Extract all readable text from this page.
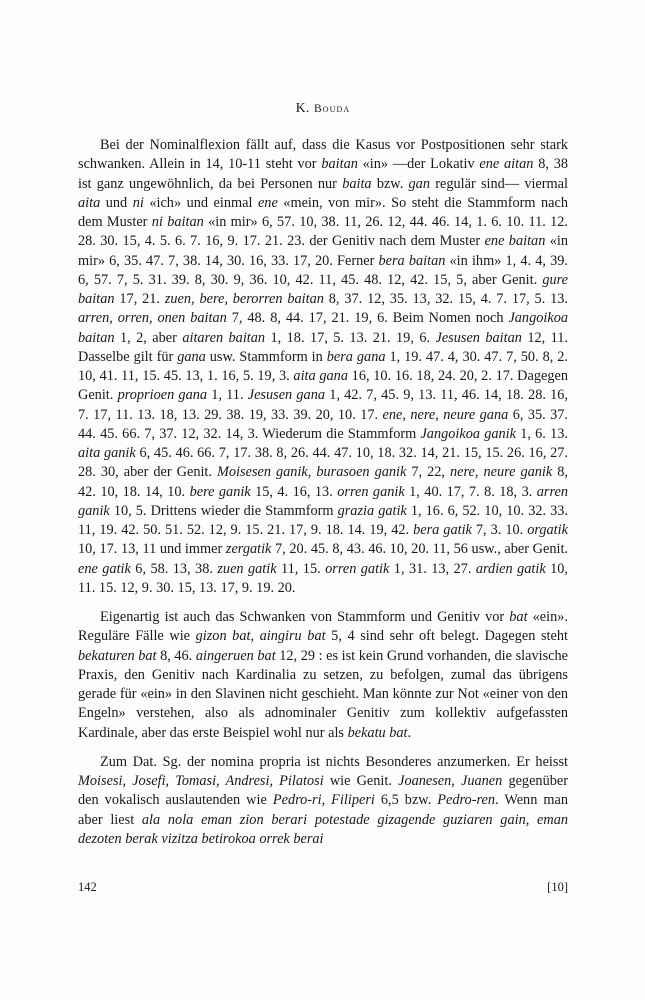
K. Bouda

Bei der Nominalflexion fällt auf, dass die Kasus vor Postpositionen sehr stark schwanken. Allein in 14, 10-11 steht vor baitan «in» —der Lokativ ene aitan 8, 38 ist ganz ungewöhnlich, da bei Personen nur baita bzw. gan regulär sind— viermal aita und ni «ich» und einmal ene «mein, von mir». So steht die Stammform nach dem Muster ni baitan «in mir» 6, 57. 10, 38. 11, 26. 12, 44. 46. 14, 1. 6. 10. 11. 12. 28. 30. 15, 4. 5. 6. 7. 16, 9. 17. 21. 23. der Genitiv nach dem Muster ene baitan «in mir» 6, 35. 47. 7, 38. 14, 30. 16, 33. 17, 20. Ferner bera baitan «in ihm» 1, 4. 4, 39. 6, 57. 7, 5. 31. 39. 8, 30. 9, 36. 10, 42. 11, 45. 48. 12, 42. 15, 5, aber Genit. gure baitan 17, 21. zuen, bere, berorren baitan 8, 37. 12, 35. 13, 32. 15, 4. 7. 17, 5. 13. arren, orren, onen baitan 7, 48. 8, 44. 17, 21. 19, 6. Beim Nomen noch Jangoikoa baitan 1, 2, aber aitaren baitan 1, 18. 17, 5. 13. 21. 19, 6. Jesusen baitan 12, 11. Dasselbe gilt für gana usw. Stammform in bera gana 1, 19. 47. 4, 30. 47. 7, 50. 8, 2. 10, 41. 11, 15. 45. 13, 1. 16, 5. 19, 3. aita gana 16, 10. 16. 18, 24. 20, 2. 17. Dagegen Genit. proprioen gana 1, 11. Jesusen gana 1, 42. 7, 45. 9, 13. 11, 46. 14, 18. 28. 16, 7. 17, 11. 13. 18, 13. 29. 38. 19, 33. 39. 20, 10. 17. ene, nere, neure gana 6, 35. 37. 44. 45. 66. 7, 37. 12, 32. 14, 3. Wiederum die Stammform Jangoikoa ganik 1, 6. 13. aita ganik 6, 45. 46. 66. 7, 17. 38. 8, 26. 44. 47. 10, 18. 32. 14, 21. 15, 15. 26. 16, 27. 28. 30, aber der Genit. Moisesen ganik, burasoen ganik 7, 22, nere, neure ganik 8, 42. 10, 18. 14, 10. bere ganik 15, 4. 16, 13. orren ganik 1, 40. 17, 7. 8. 18, 3. arren ganik 10, 5. Drittens wieder die Stammform grazia gatik 1, 16. 6, 52. 10, 10. 32. 33. 11, 19. 42. 50. 51. 52. 12, 9. 15. 21. 17, 9. 18. 14. 19, 42. bera gatik 7, 3. 10. orgatik 10, 17. 13, 11 und immer zergatik 7, 20. 45. 8, 43. 46. 10, 20. 11, 56 usw., aber Genit. ene gatik 6, 58. 13, 38. zuen gatik 11, 15. orren gatik 1, 31. 13, 27. ardien gatik 10, 11. 15. 12, 9. 30. 15, 13. 17, 9. 19. 20.

Eigenartig ist auch das Schwanken von Stammform und Genitiv vor bat «ein». Reguläre Fälle wie gizon bat, aingiru bat 5, 4 sind sehr oft belegt. Dagegen steht bekaturen bat 8, 46. aingeruen bat 12, 29 : es ist kein Grund vorhanden, die slavische Praxis, den Genitiv nach Kardinalia zu setzen, zu befolgen, zumal das übrigens gerade für «ein» in den Slavinen nicht geschieht. Man könnte zur Not «einer von den Engeln» verstehen, also als adnominaler Genitiv zum kollektiv aufgefassten Kardinale, aber das erste Beispiel wohl nur als bekatu bat.

Zum Dat. Sg. der nomina propria ist nichts Besonderes anzumerken. Er heisst Moisesi, Josefi, Tomasi, Andresi, Pilatosi wie Genit. Joanesen, Juanen gegenüber den vokalisch auslautenden wie Pedro-ri, Filiperi 6,5 bzw. Pedro-ren. Wenn man aber liest ala nola eman zion berari potestade gizagende guziaren gain, eman dezoten berak vizitza betirokoa orrek berai

142	[10]
